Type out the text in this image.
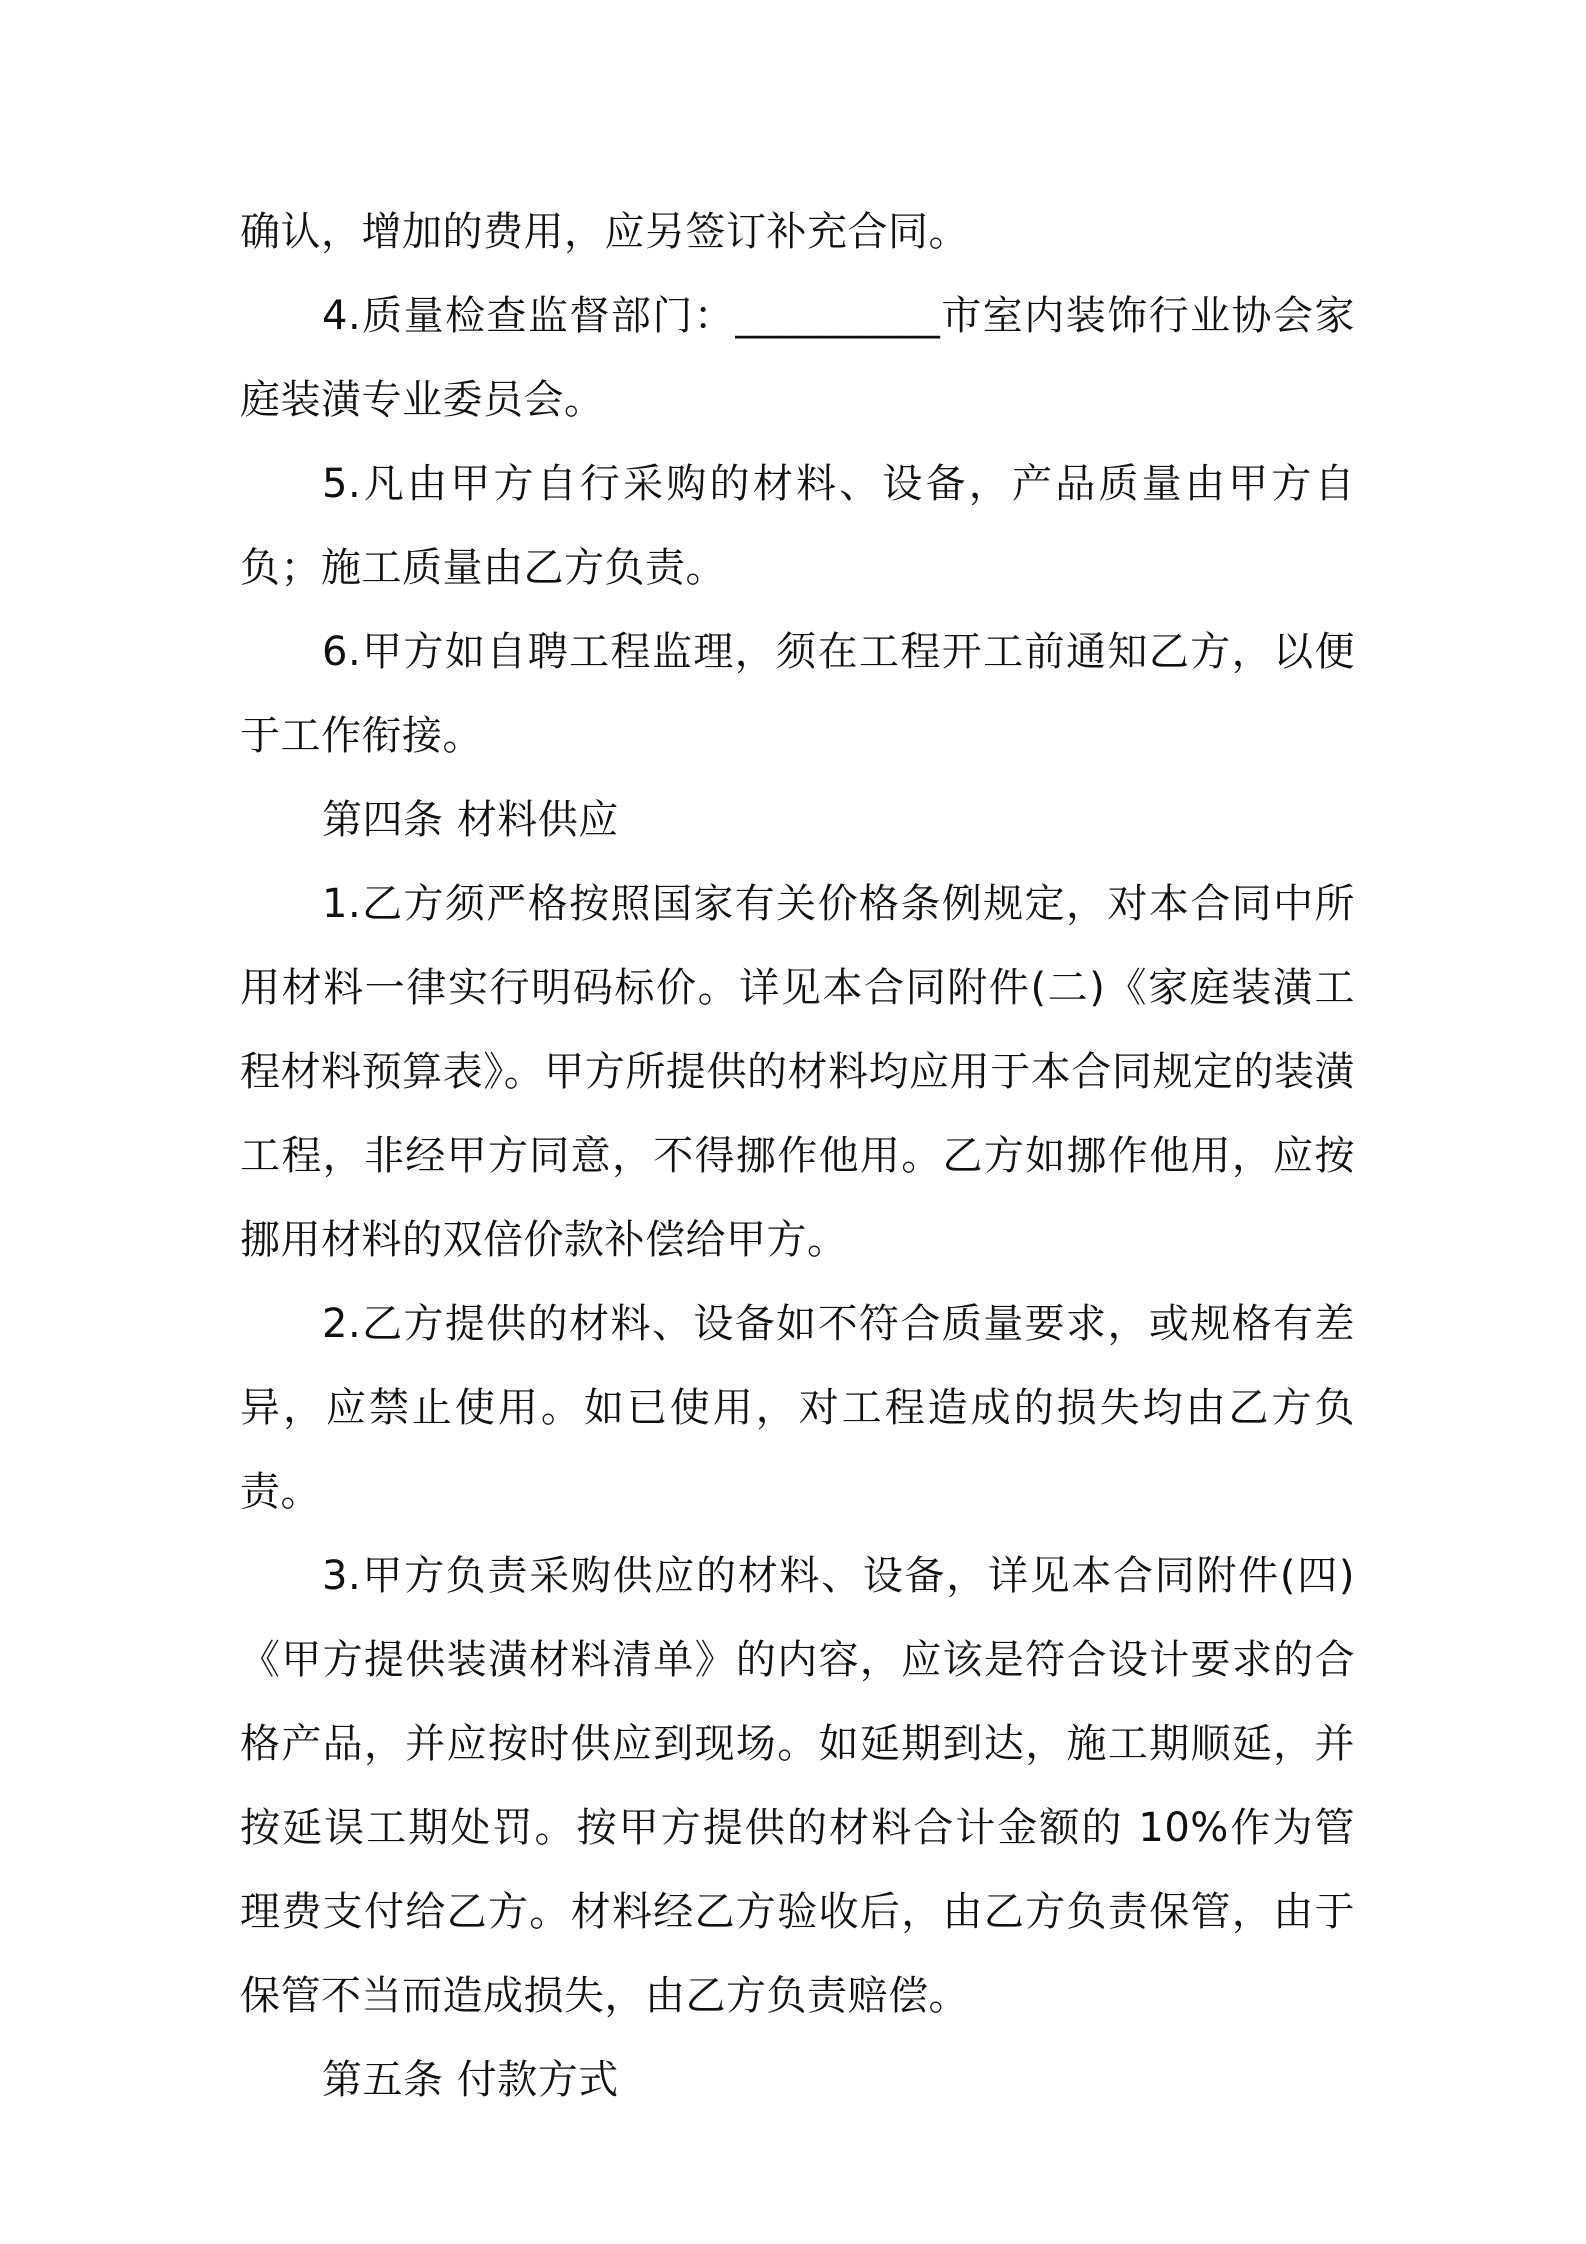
确认，增加的费用，应另签订补充合同。

4.质量检查监督部门：__________市室内装饰行业协会家庭装潢专业委员会。

5.凡由甲方自行采购的材料、设备，产品质量由甲方自负；施工质量由乙方负责。

6.甲方如自聘工程监理，须在工程开工前通知乙方，以便于工作衔接。

第四条 材料供应

1.乙方须严格按照国家有关价格条例规定，对本合同中所用材料一律实行明码标价。详见本合同附件(二)《家庭装潢工程材料预算表》。甲方所提供的材料均应用于本合同规定的装潢工程，非经甲方同意，不得挪作他用。乙方如挪作他用，应按挪用材料的双倍价款补偿给甲方。

2.乙方提供的材料、设备如不符合质量要求，或规格有差异，应禁止使用。如已使用，对工程造成的损失均由乙方负责。

3.甲方负责采购供应的材料、设备，详见本合同附件(四)《甲方提供装潢材料清单》的内容，应该是符合设计要求的合格产品，并应按时供应到现场。如延期到达，施工期顺延，并按延误工期处罚。按甲方提供的材料合计金额的 10%作为管理费支付给乙方。材料经乙方验收后，由乙方负责保管，由于保管不当而造成损失，由乙方负责赔偿。

第五条 付款方式
